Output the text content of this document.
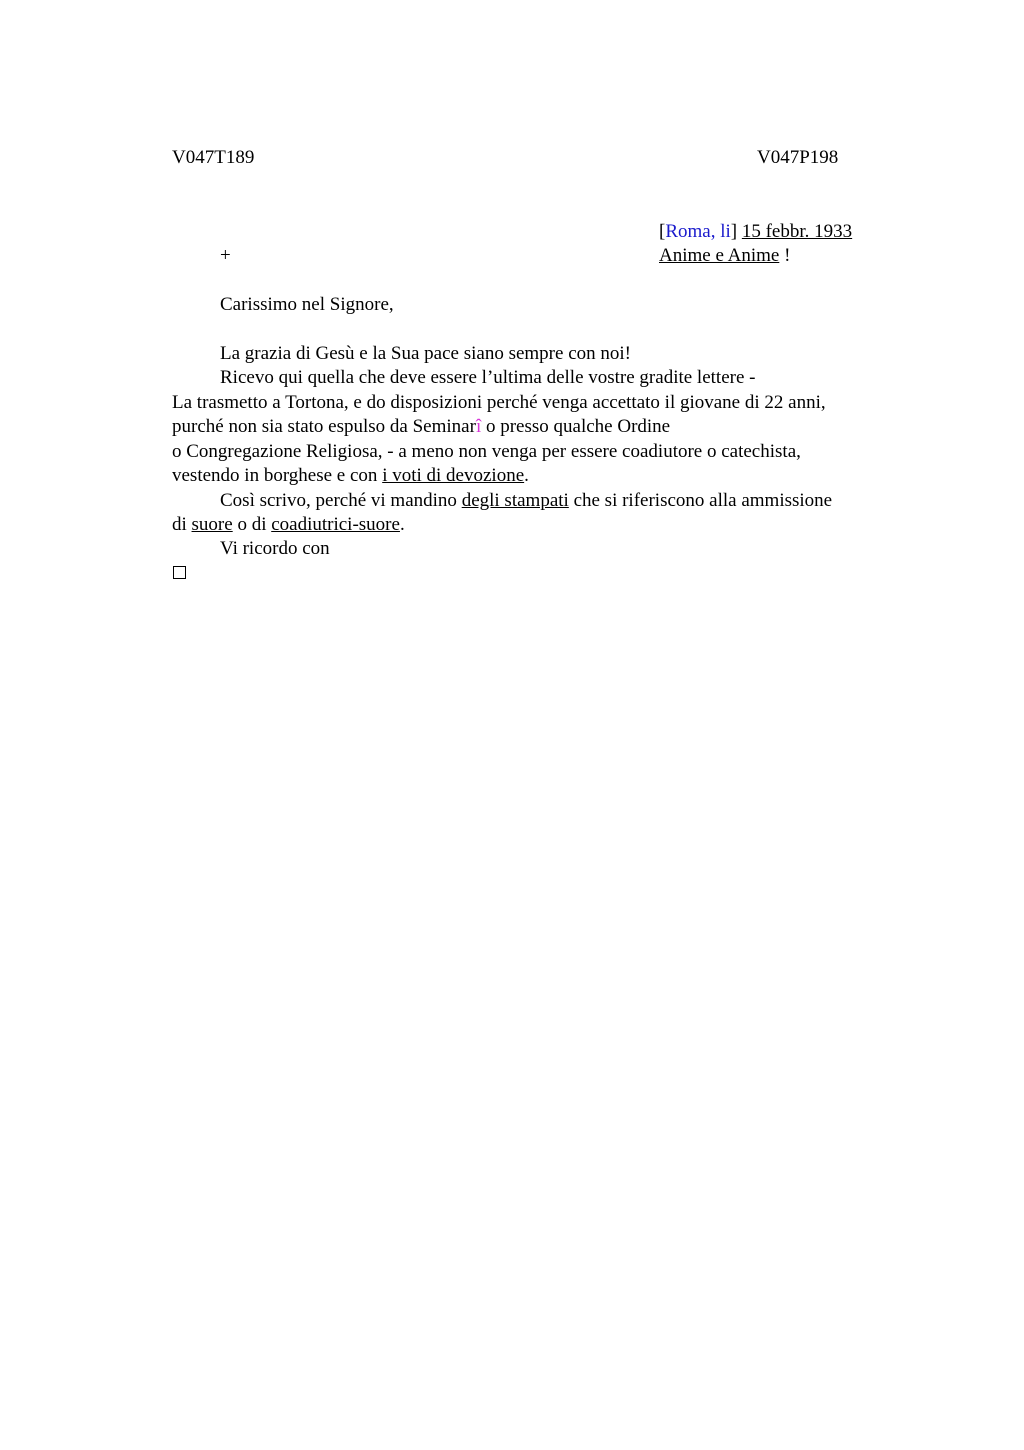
V047T189	V047P198
[Roma, li] 15 febbr. 1933
+	Anime e Anime !
Carissimo nel Signore,
La grazia di Gesù e la Sua pace siano sempre con noi!
Ricevo qui quella che deve essere l’ultima delle vostre gradite lettere -
La trasmetto a Tortona, e do disposizioni perché venga accettato il giovane di 22 anni,
purché non sia stato espulso da Seminarî o presso qualche Ordine
o Congregazione Religiosa, - a meno non venga per essere coadiutore o catechista,
vestendo in borghese e con i voti di devozione.
Così scrivo, perché vi mandino degli stampati che si riferiscono alla ammissione
di suore o di coadiutrici-suore.
Vi ricordo con
